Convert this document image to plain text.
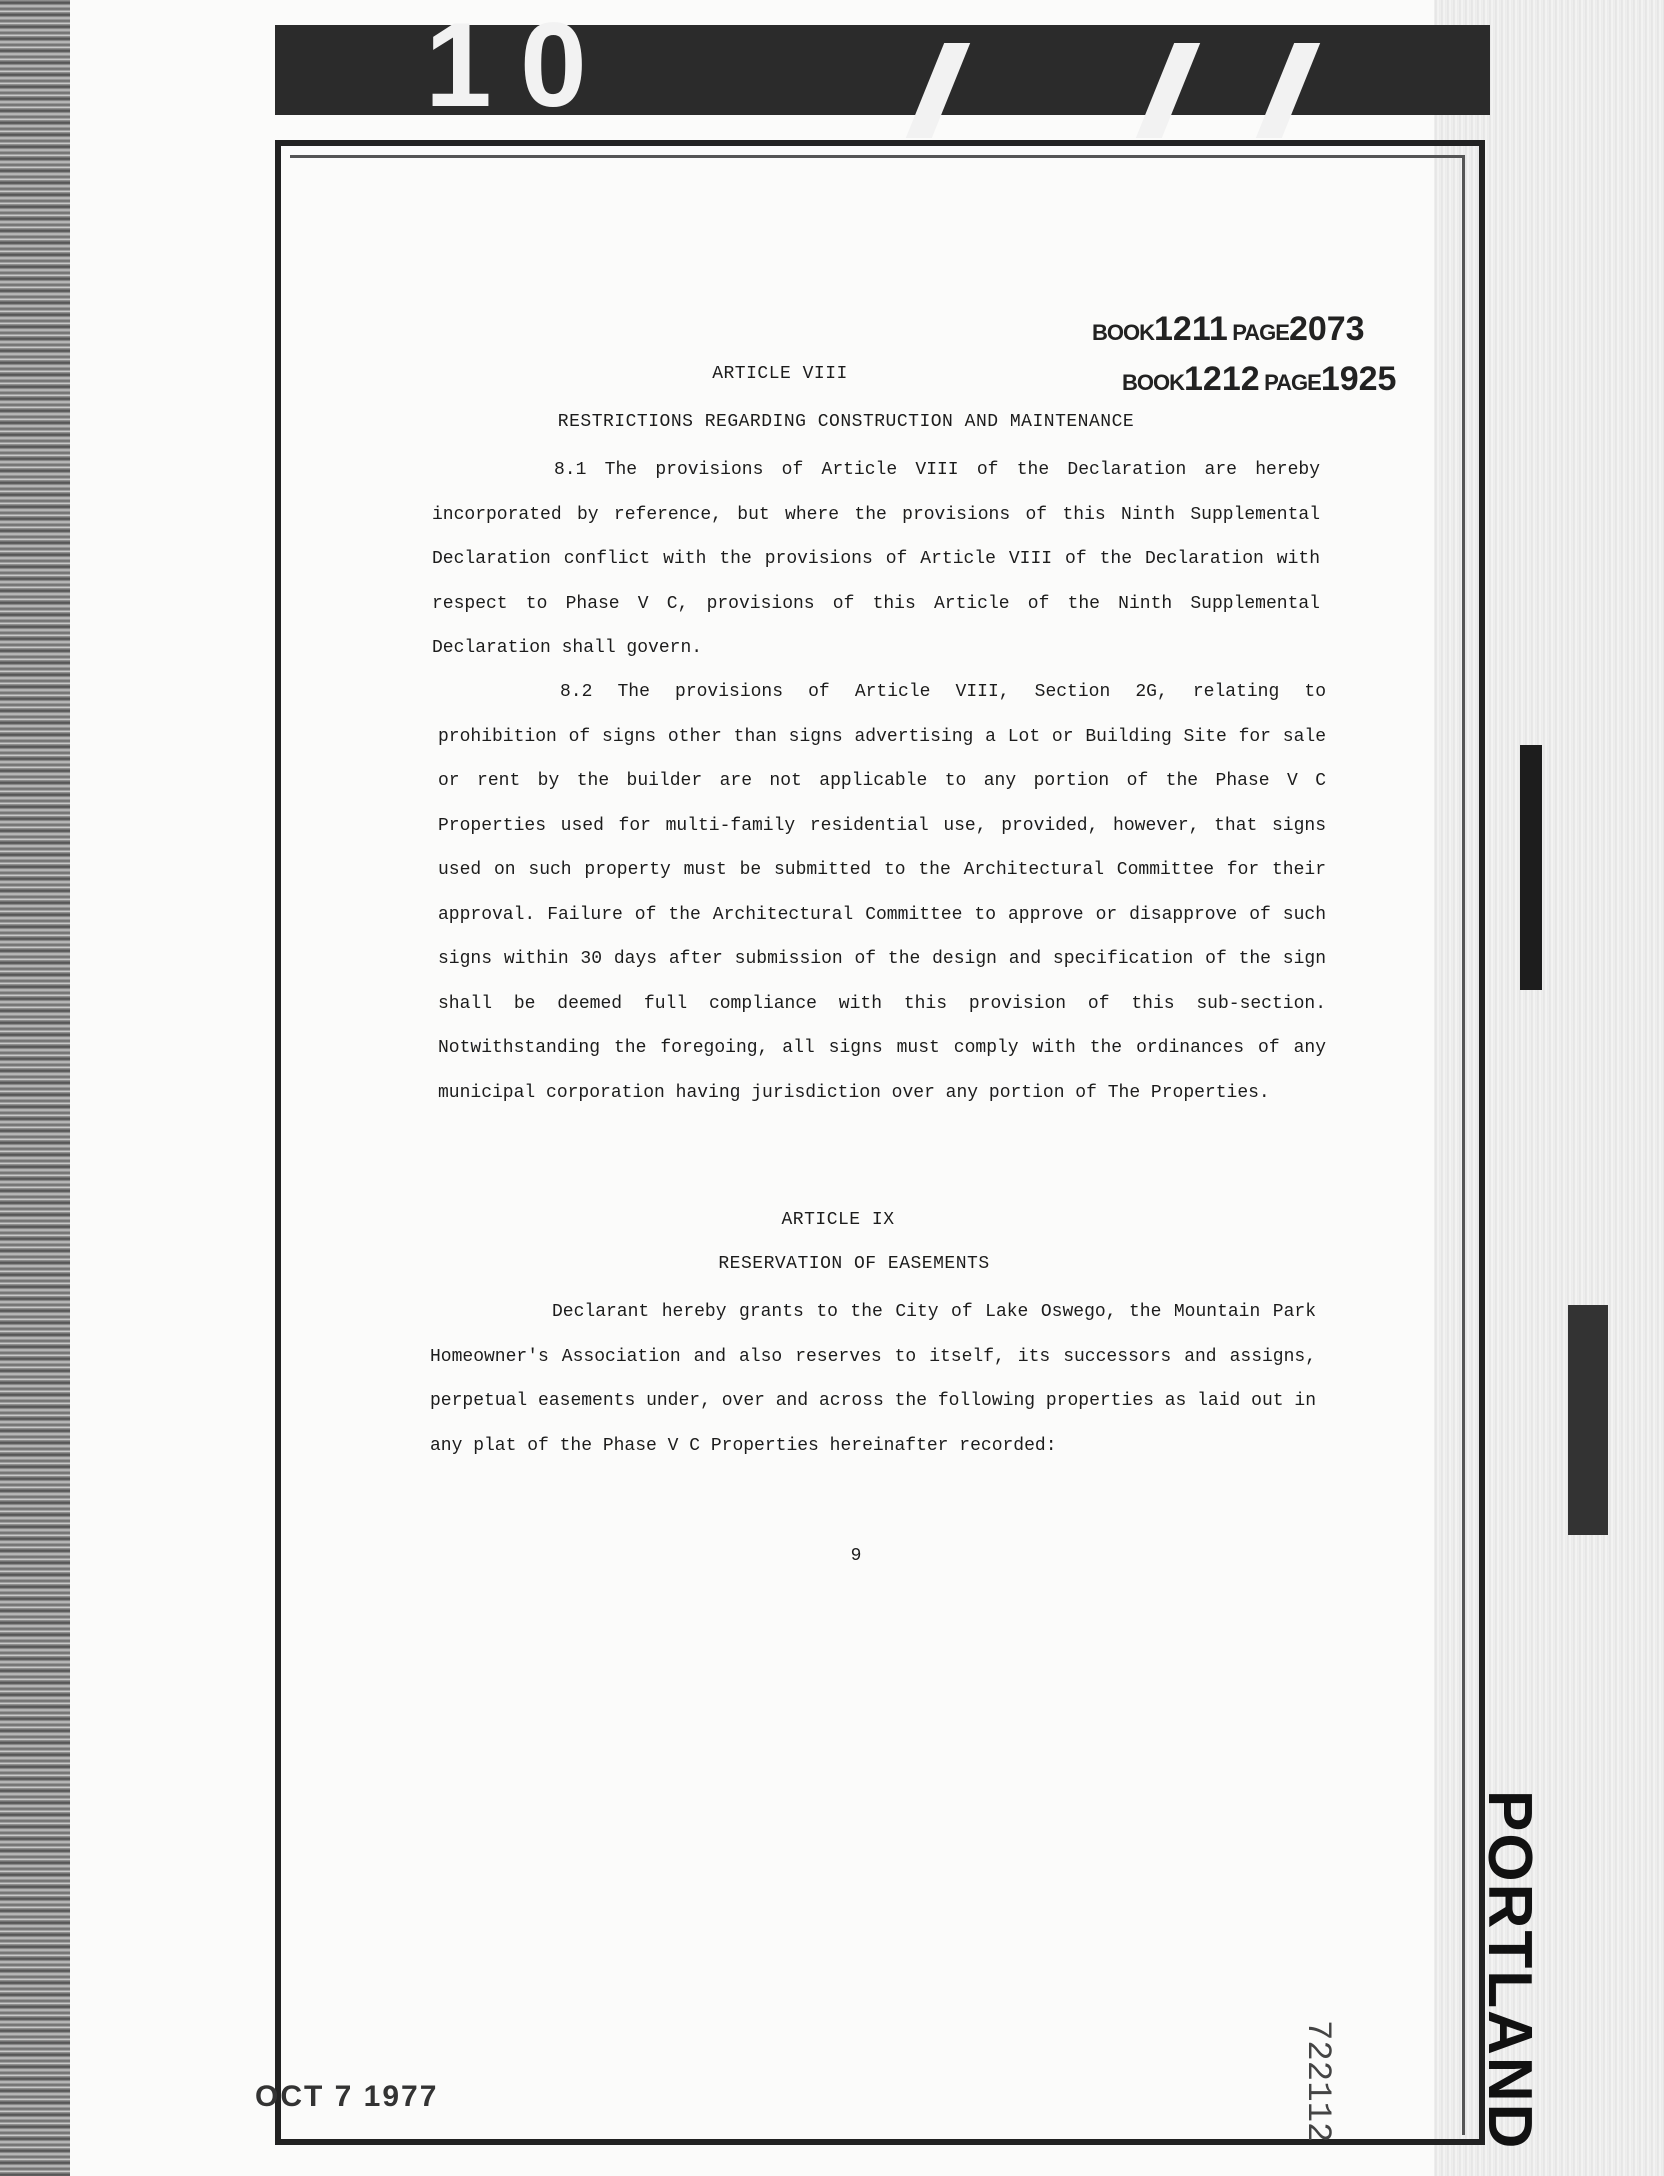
1 0
BOOK1211 PAGE2073
BOOK1212 PAGE1925
ARTICLE VIII
RESTRICTIONS REGARDING CONSTRUCTION AND MAINTENANCE
8.1 The provisions of Article VIII of the Declaration are hereby incorporated by reference, but where the provisions of this Ninth Supplemental Declaration conflict with the provisions of Article VIII of the Declaration with respect to Phase V C, provisions of this Article of the Ninth Supplemental Declaration shall govern.
8.2 The provisions of Article VIII, Section 2G, relating to prohibition of signs other than signs advertising a Lot or Building Site for sale or rent by the builder are not applicable to any portion of the Phase V C Properties used for multi-family residential use, provided, however, that signs used on such property must be submitted to the Architectural Committee for their approval. Failure of the Architectural Committee to approve or disapprove of such signs within 30 days after submission of the design and specification of the sign shall be deemed full compliance with this provision of this sub-section. Notwithstanding the foregoing, all signs must comply with the ordinances of any municipal corporation having jurisdiction over any portion of The Properties.
ARTICLE IX
RESERVATION OF EASEMENTS
Declarant hereby grants to the City of Lake Oswego, the Mountain Park Homeowner's Association and also reserves to itself, its successors and assigns, perpetual easements under, over and across the following properties as laid out in any plat of the Phase V C Properties hereinafter recorded:
9
PORTLAND
722112
OCT 7 1977
